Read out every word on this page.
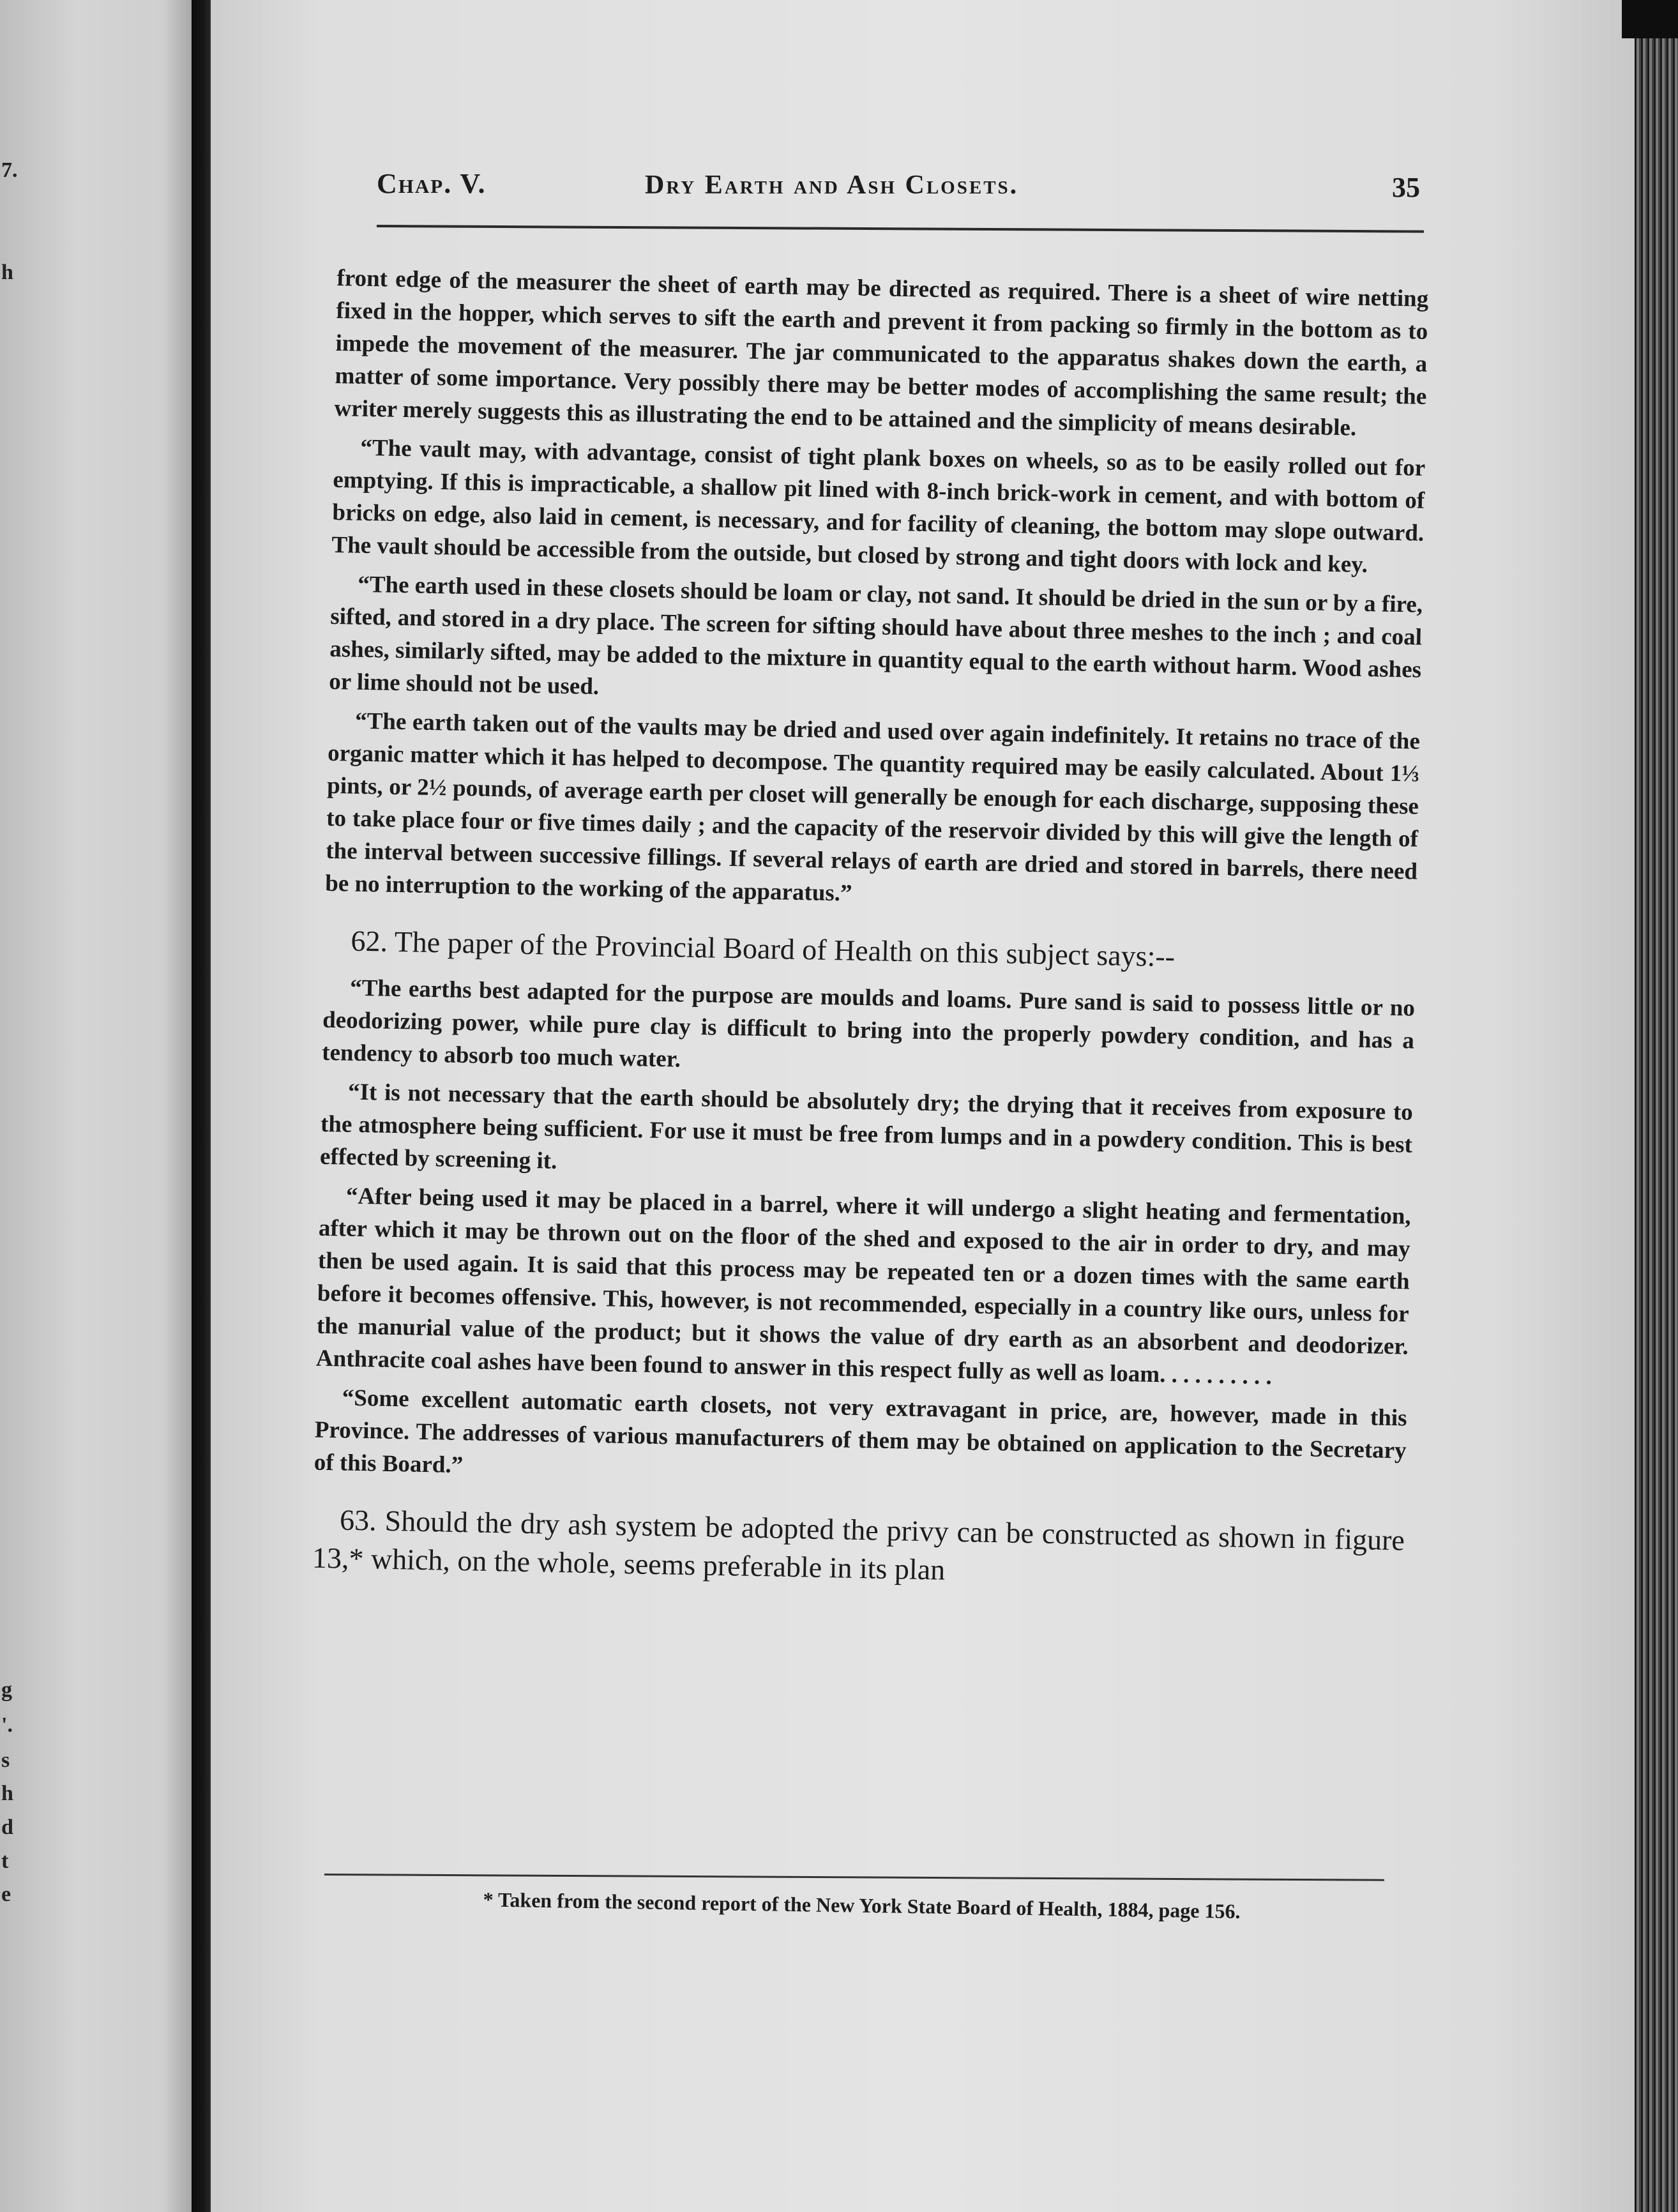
7.
h
g
'.
s
h
d
t
e
Chap. V.	Dry Earth and Ash Closets.	35

front edge of the measurer the sheet of earth may be directed as required. There is a sheet of wire netting fixed in the hopper, which serves to sift the earth and prevent it from packing so firmly in the bottom as to impede the movement of the measurer. The jar communicated to the apparatus shakes down the earth, a matter of some importance. Very possibly there may be better modes of accomplishing the same result; the writer merely suggests this as illustrating the end to be attained and the simplicity of means desirable.

“The vault may, with advantage, consist of tight plank boxes on wheels, so as to be easily rolled out for emptying. If this is impracticable, a shallow pit lined with 8-inch brick-work in cement, and with bottom of bricks on edge, also laid in cement, is necessary, and for facility of cleaning, the bottom may slope outward. The vault should be accessible from the outside, but closed by strong and tight doors with lock and key.

“The earth used in these closets should be loam or clay, not sand. It should be dried in the sun or by a fire, sifted, and stored in a dry place. The screen for sifting should have about three meshes to the inch ; and coal ashes, similarly sifted, may be added to the mixture in quantity equal to the earth without harm. Wood ashes or lime should not be used.

“The earth taken out of the vaults may be dried and used over again indefinitely. It retains no trace of the organic matter which it has helped to decompose. The quantity required may be easily calculated. About 1⅓ pints, or 2½ pounds, of average earth per closet will generally be enough for each discharge, supposing these to take place four or five times daily ; and the capacity of the reservoir divided by this will give the length of the interval between successive fillings. If several relays of earth are dried and stored in barrels, there need be no interruption to the working of the apparatus.”

62. The paper of the Provincial Board of Health on this subject says:--

“The earths best adapted for the purpose are moulds and loams. Pure sand is said to possess little or no deodorizing power, while pure clay is difficult to bring into the properly powdery condition, and has a tendency to absorb too much water.

“It is not necessary that the earth should be absolutely dry; the drying that it receives from exposure to the atmosphere being sufficient. For use it must be free from lumps and in a powdery condition. This is best effected by screening it.

“After being used it may be placed in a barrel, where it will undergo a slight heating and fermentation, after which it may be thrown out on the floor of the shed and exposed to the air in order to dry, and may then be used again. It is said that this process may be repeated ten or a dozen times with the same earth before it becomes offensive. This, however, is not recommended, especially in a country like ours, unless for the manurial value of the product; but it shows the value of dry earth as an absorbent and deodorizer. Anthracite coal ashes have been found to answer in this respect fully as well as loam. . . . . . . . . .

“Some excellent automatic earth closets, not very extravagant in price, are, however, made in this Province. The addresses of various manufacturers of them may be obtained on application to the Secretary of this Board.”

63. Should the dry ash system be adopted the privy can be constructed as shown in figure 13,* which, on the whole, seems preferable in its plan

* Taken from the second report of the New York State Board of Health, 1884, page 156.
